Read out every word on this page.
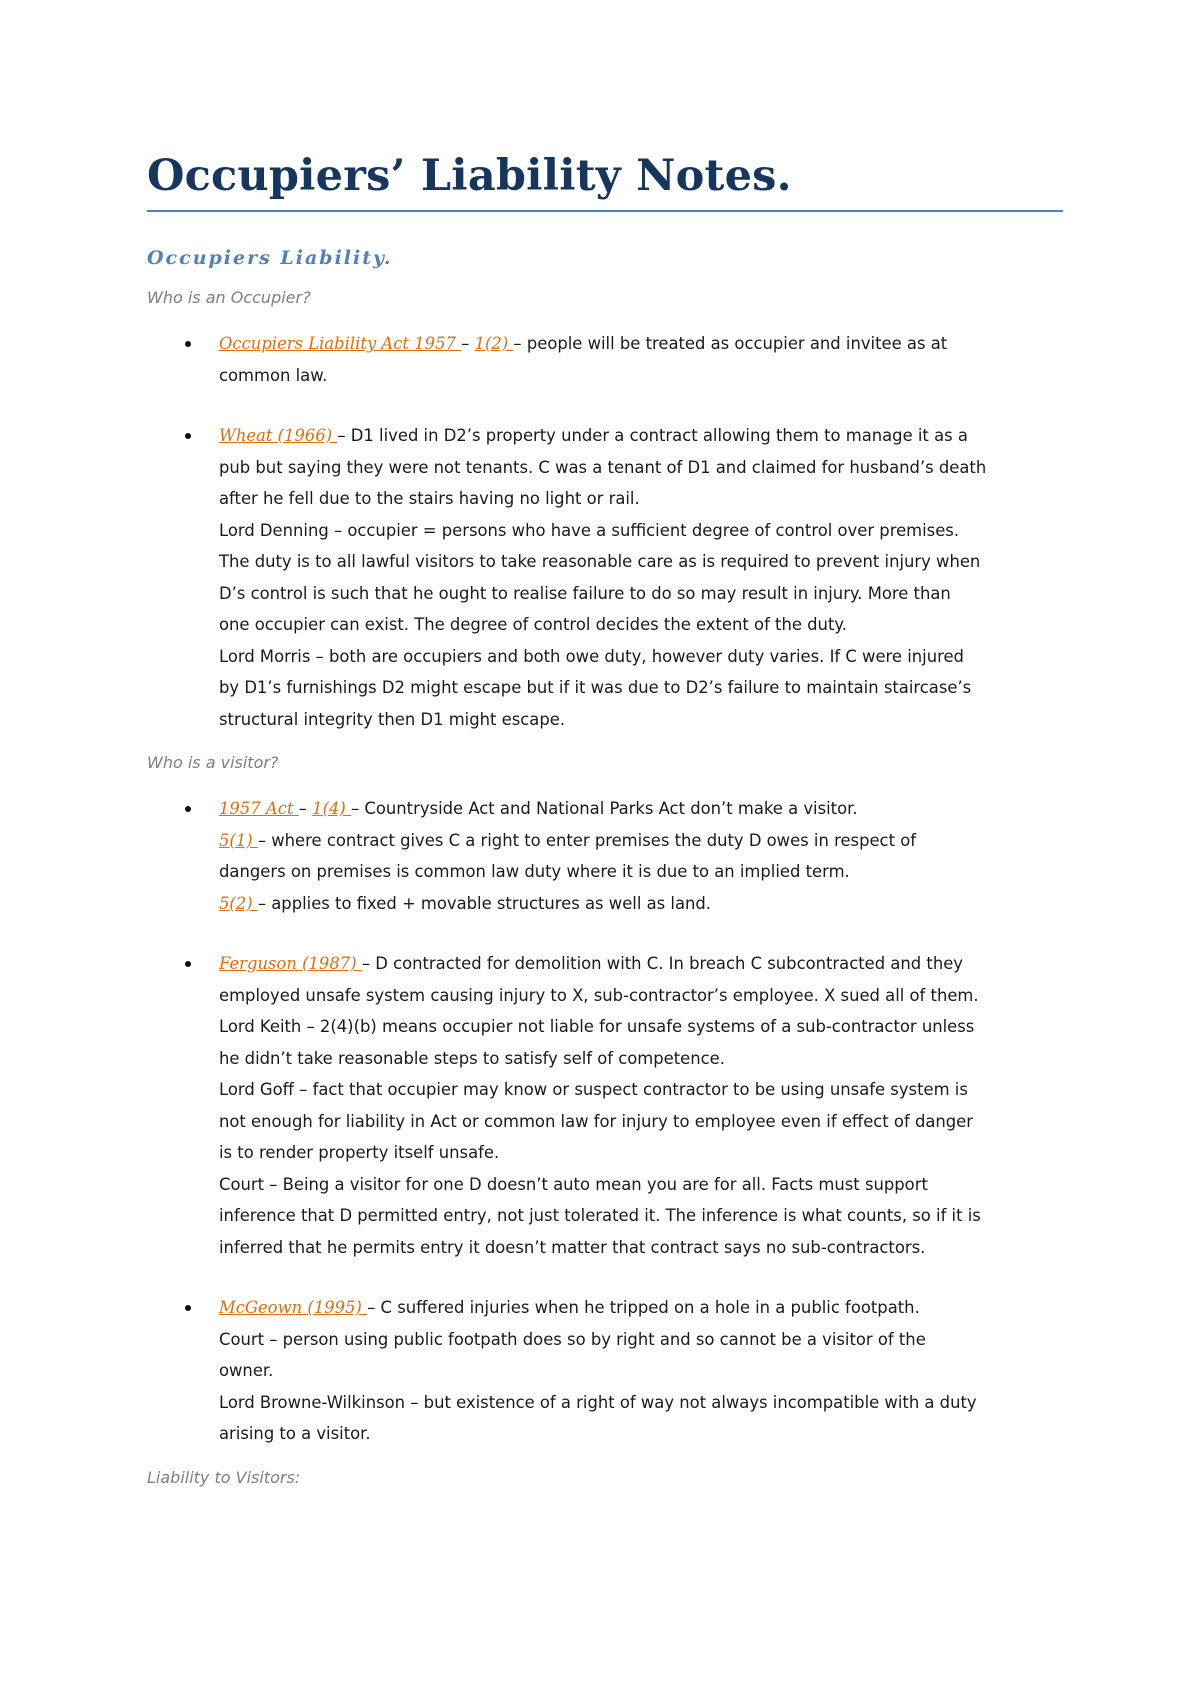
Occupiers’ Liability Notes.
Occupiers Liability.
Who is an Occupier?
Occupiers Liability Act 1957 – 1(2) – people will be treated as occupier and invitee as at
common law.
Wheat (1966) – D1 lived in D2’s property under a contract allowing them to manage it as a
pub but saying they were not tenants. C was a tenant of D1 and claimed for husband’s death
after he fell due to the stairs having no light or rail.
Lord Denning – occupier = persons who have a sufficient degree of control over premises.
The duty is to all lawful visitors to take reasonable care as is required to prevent injury when
D’s control is such that he ought to realise failure to do so may result in injury. More than
one occupier can exist. The degree of control decides the extent of the duty.
Lord Morris – both are occupiers and both owe duty, however duty varies. If C were injured
by D1’s furnishings D2 might escape but if it was due to D2’s failure to maintain staircase’s
structural integrity then D1 might escape.
Who is a visitor?
1957 Act – 1(4) – Countryside Act and National Parks Act don’t make a visitor.
5(1) – where contract gives C a right to enter premises the duty D owes in respect of
dangers on premises is common law duty where it is due to an implied term.
5(2) – applies to fixed + movable structures as well as land.
Ferguson (1987) – D contracted for demolition with C. In breach C subcontracted and they
employed unsafe system causing injury to X, sub-contractor’s employee. X sued all of them.
Lord Keith – 2(4)(b) means occupier not liable for unsafe systems of a sub-contractor unless
he didn’t take reasonable steps to satisfy self of competence.
Lord Goff – fact that occupier may know or suspect contractor to be using unsafe system is
not enough for liability in Act or common law for injury to employee even if effect of danger
is to render property itself unsafe.
Court – Being a visitor for one D doesn’t auto mean you are for all. Facts must support
inference that D permitted entry, not just tolerated it. The inference is what counts, so if it is
inferred that he permits entry it doesn’t matter that contract says no sub-contractors.
McGeown (1995) – C suffered injuries when he tripped on a hole in a public footpath.
Court – person using public footpath does so by right and so cannot be a visitor of the
owner.
Lord Browne-Wilkinson – but existence of a right of way not always incompatible with a duty
arising to a visitor.
Liability to Visitors:
